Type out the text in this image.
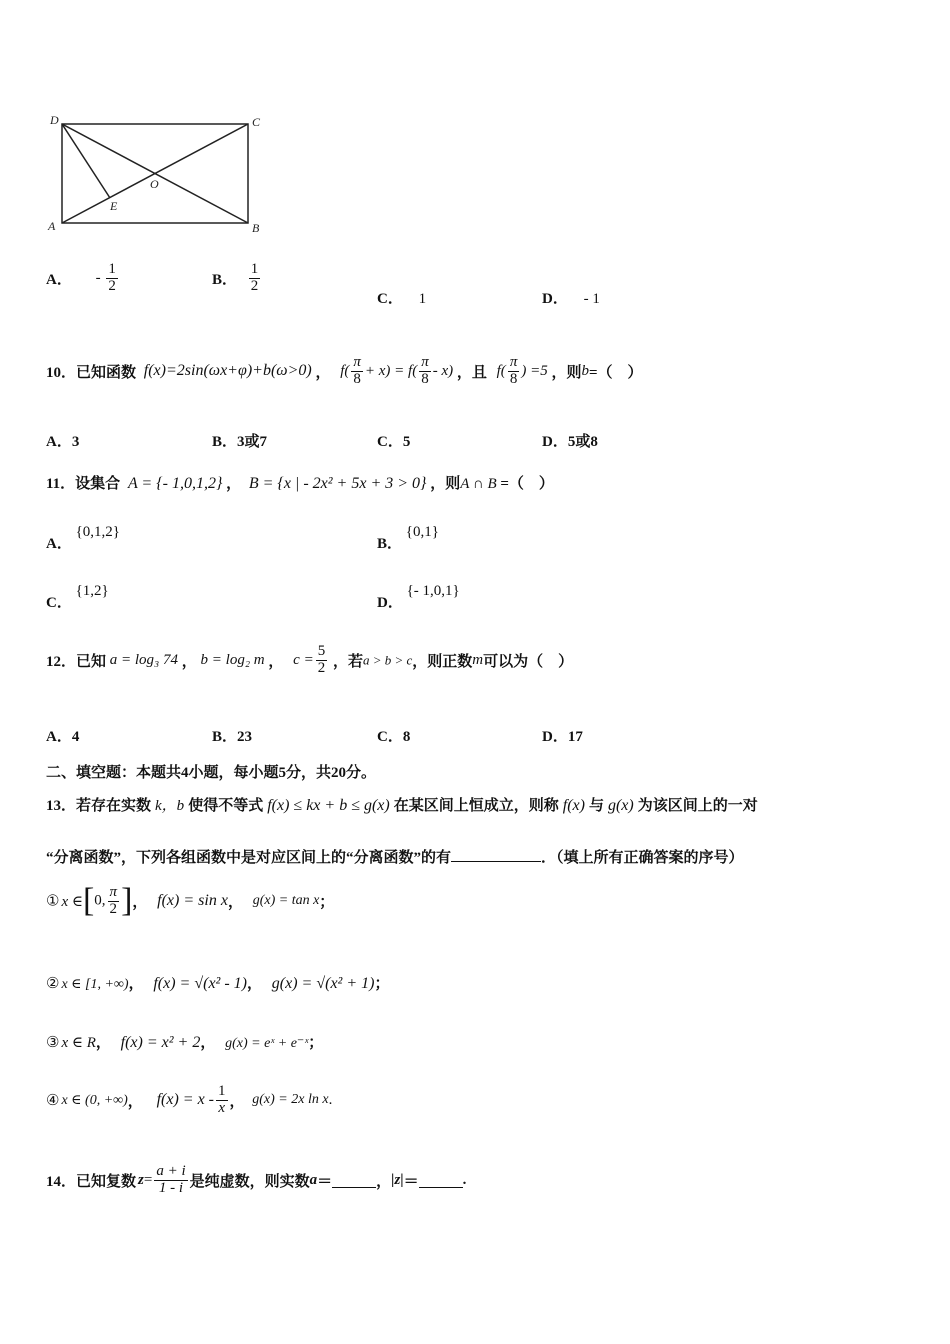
D	C
A	B
O
E
A． - $\frac{1}{2}$	B． $\frac{1}{2}$
C． 1	D． - 1
10．已知函数 f(x)=2sin(ωx+φ)+b(ω>0) ， $f( \frac{\pi}{8} + x) = f( \frac{\pi}{8} - x)$ ，且 $f( \frac{\pi}{8}$ ) =5 ，则b=（　）
A．3	B．3或7	C．5	D．5或8
11．设集合 A = {- 1,0,1,2} ， B = {x | - 2x² + 5x + 3 > 0} ，则A ∩ B =（　）
A． {0,1,2}
B． {0,1}
C． {1,2}
D． {- 1,0,1}
12．已知 a = log₃ 74 ， b = log₂ m ， $c = \frac{5}{2}$ ，若a > b > c，则正数m可以为（　）
A．4	B．23	C．8	D．17
二、填空题：本题共4小题，每小题5分，共20分。
13．若存在实数 k，b 使得不等式 f(x) ≤ kx + b ≤ g(x) 在某区间上恒成立，则称 f(x) 与 g(x) 为该区间上的一对
“分离函数”，下列各组函数中是对应区间上的“分离函数”的有	．（填上所有正确答案的序号）
① x ∈[0, $\frac{\pi}{2}$ ]， f(x) = sin x， g(x) = tan x；
② x ∈ [1, +∞)， f(x) = √(x² - 1)， g(x) = √(x² + 1)；
③ x ∈ R， f(x) = x² + 2， g(x) = eˣ + e⁻ˣ；
④ x ∈ (0, +∞)， $f(x) = x - \frac{1}{x}$ ， g(x) = 2x ln x.
14．已知复数 $z= \frac{a + i}{1 - i}$ 是纯虚数，则实数a＝	，|z|＝	.
